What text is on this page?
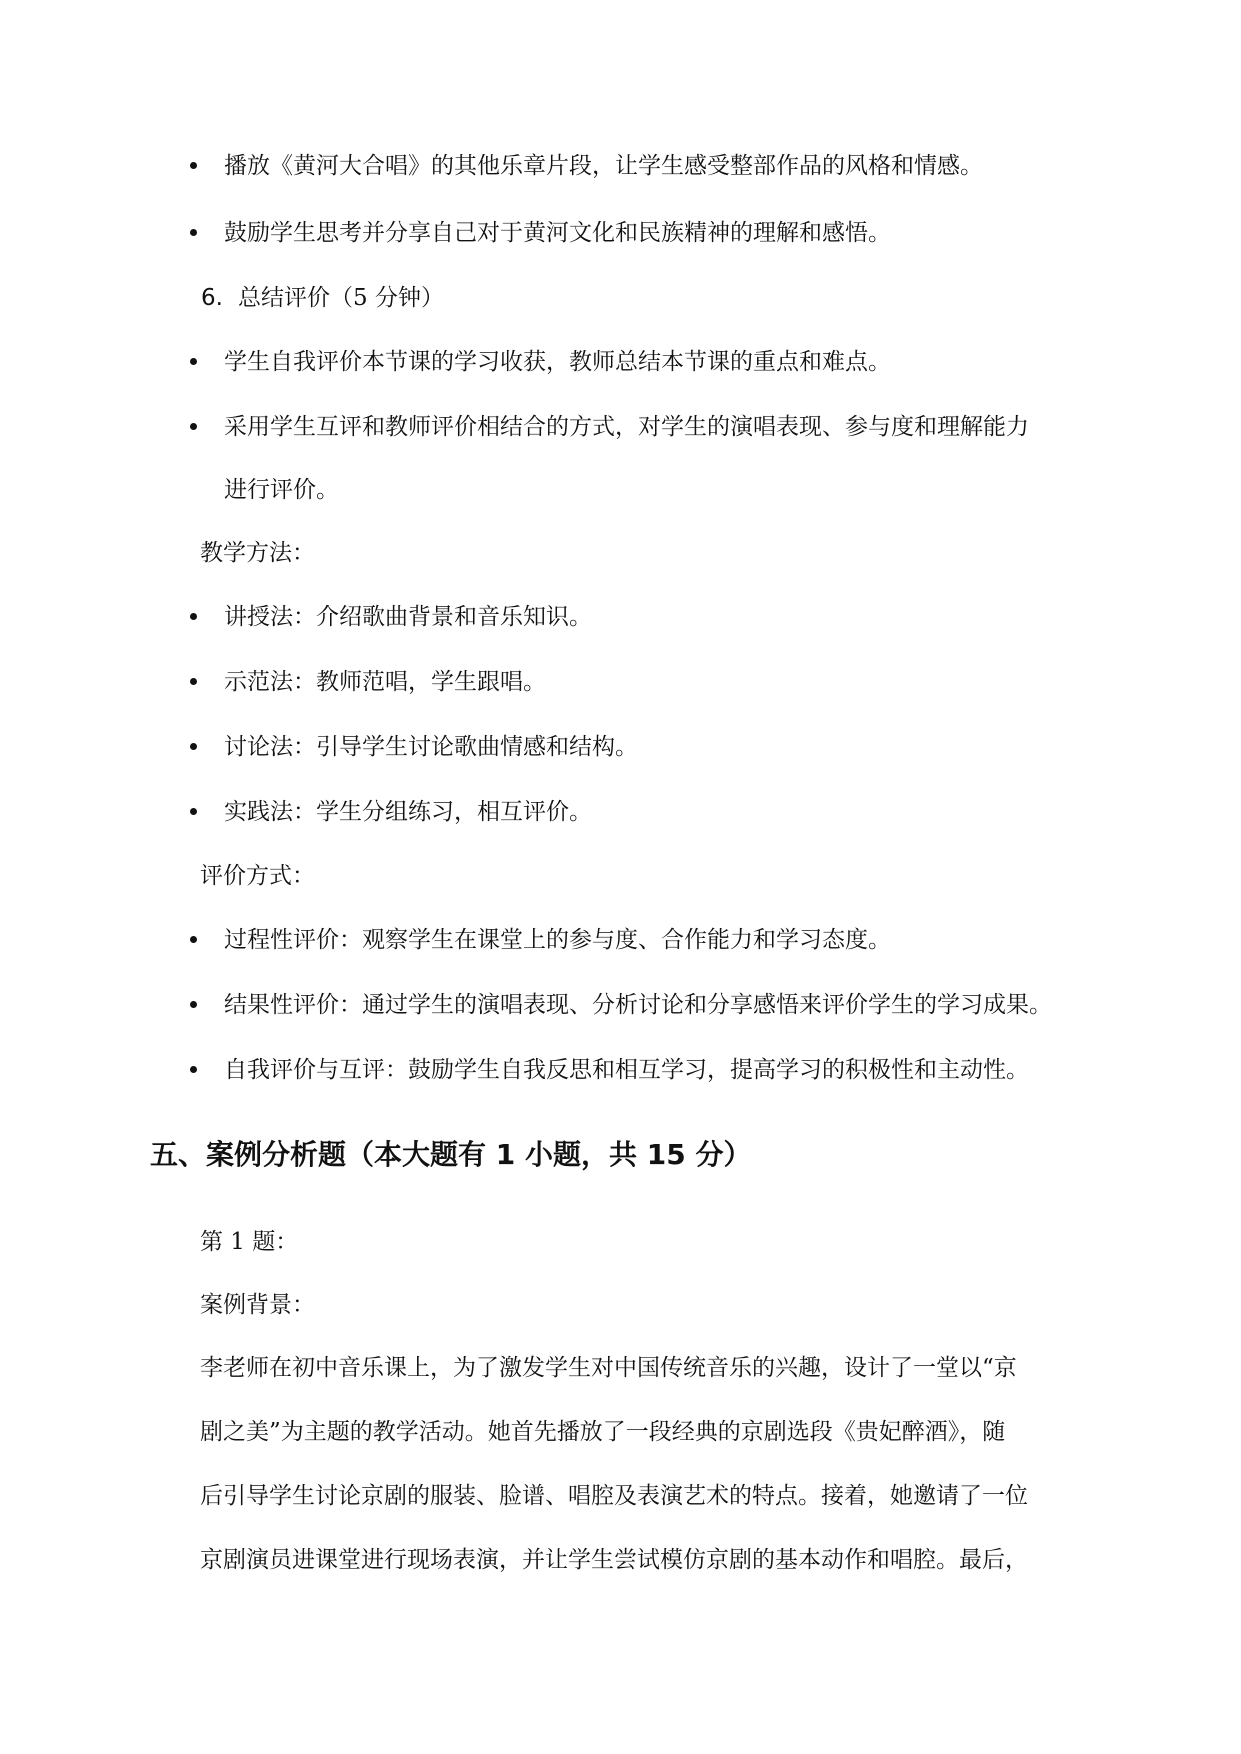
播放《黄河大合唱》的其他乐章片段，让学生感受整部作品的风格和情感。
鼓励学生思考并分享自己对于黄河文化和民族精神的理解和感悟。
6. 总结评价（5 分钟）
学生自我评价本节课的学习收获，教师总结本节课的重点和难点。
采用学生互评和教师评价相结合的方式，对学生的演唱表现、参与度和理解能力
进行评价。
教学方法：
讲授法：介绍歌曲背景和音乐知识。
示范法：教师范唱，学生跟唱。
讨论法：引导学生讨论歌曲情感和结构。
实践法：学生分组练习，相互评价。
评价方式：
过程性评价：观察学生在课堂上的参与度、合作能力和学习态度。
结果性评价：通过学生的演唱表现、分析讨论和分享感悟来评价学生的学习成果。
自我评价与互评：鼓励学生自我反思和相互学习，提高学习的积极性和主动性。
五、案例分析题（本大题有 1 小题，共 15 分）
第 1 题：
案例背景：
李老师在初中音乐课上，为了激发学生对中国传统音乐的兴趣，设计了一堂以“京
剧之美”为主题的教学活动。她首先播放了一段经典的京剧选段《贵妃醉酒》，随
后引导学生讨论京剧的服装、脸谱、唱腔及表演艺术的特点。接着，她邀请了一位
京剧演员进课堂进行现场表演，并让学生尝试模仿京剧的基本动作和唱腔。最后，
